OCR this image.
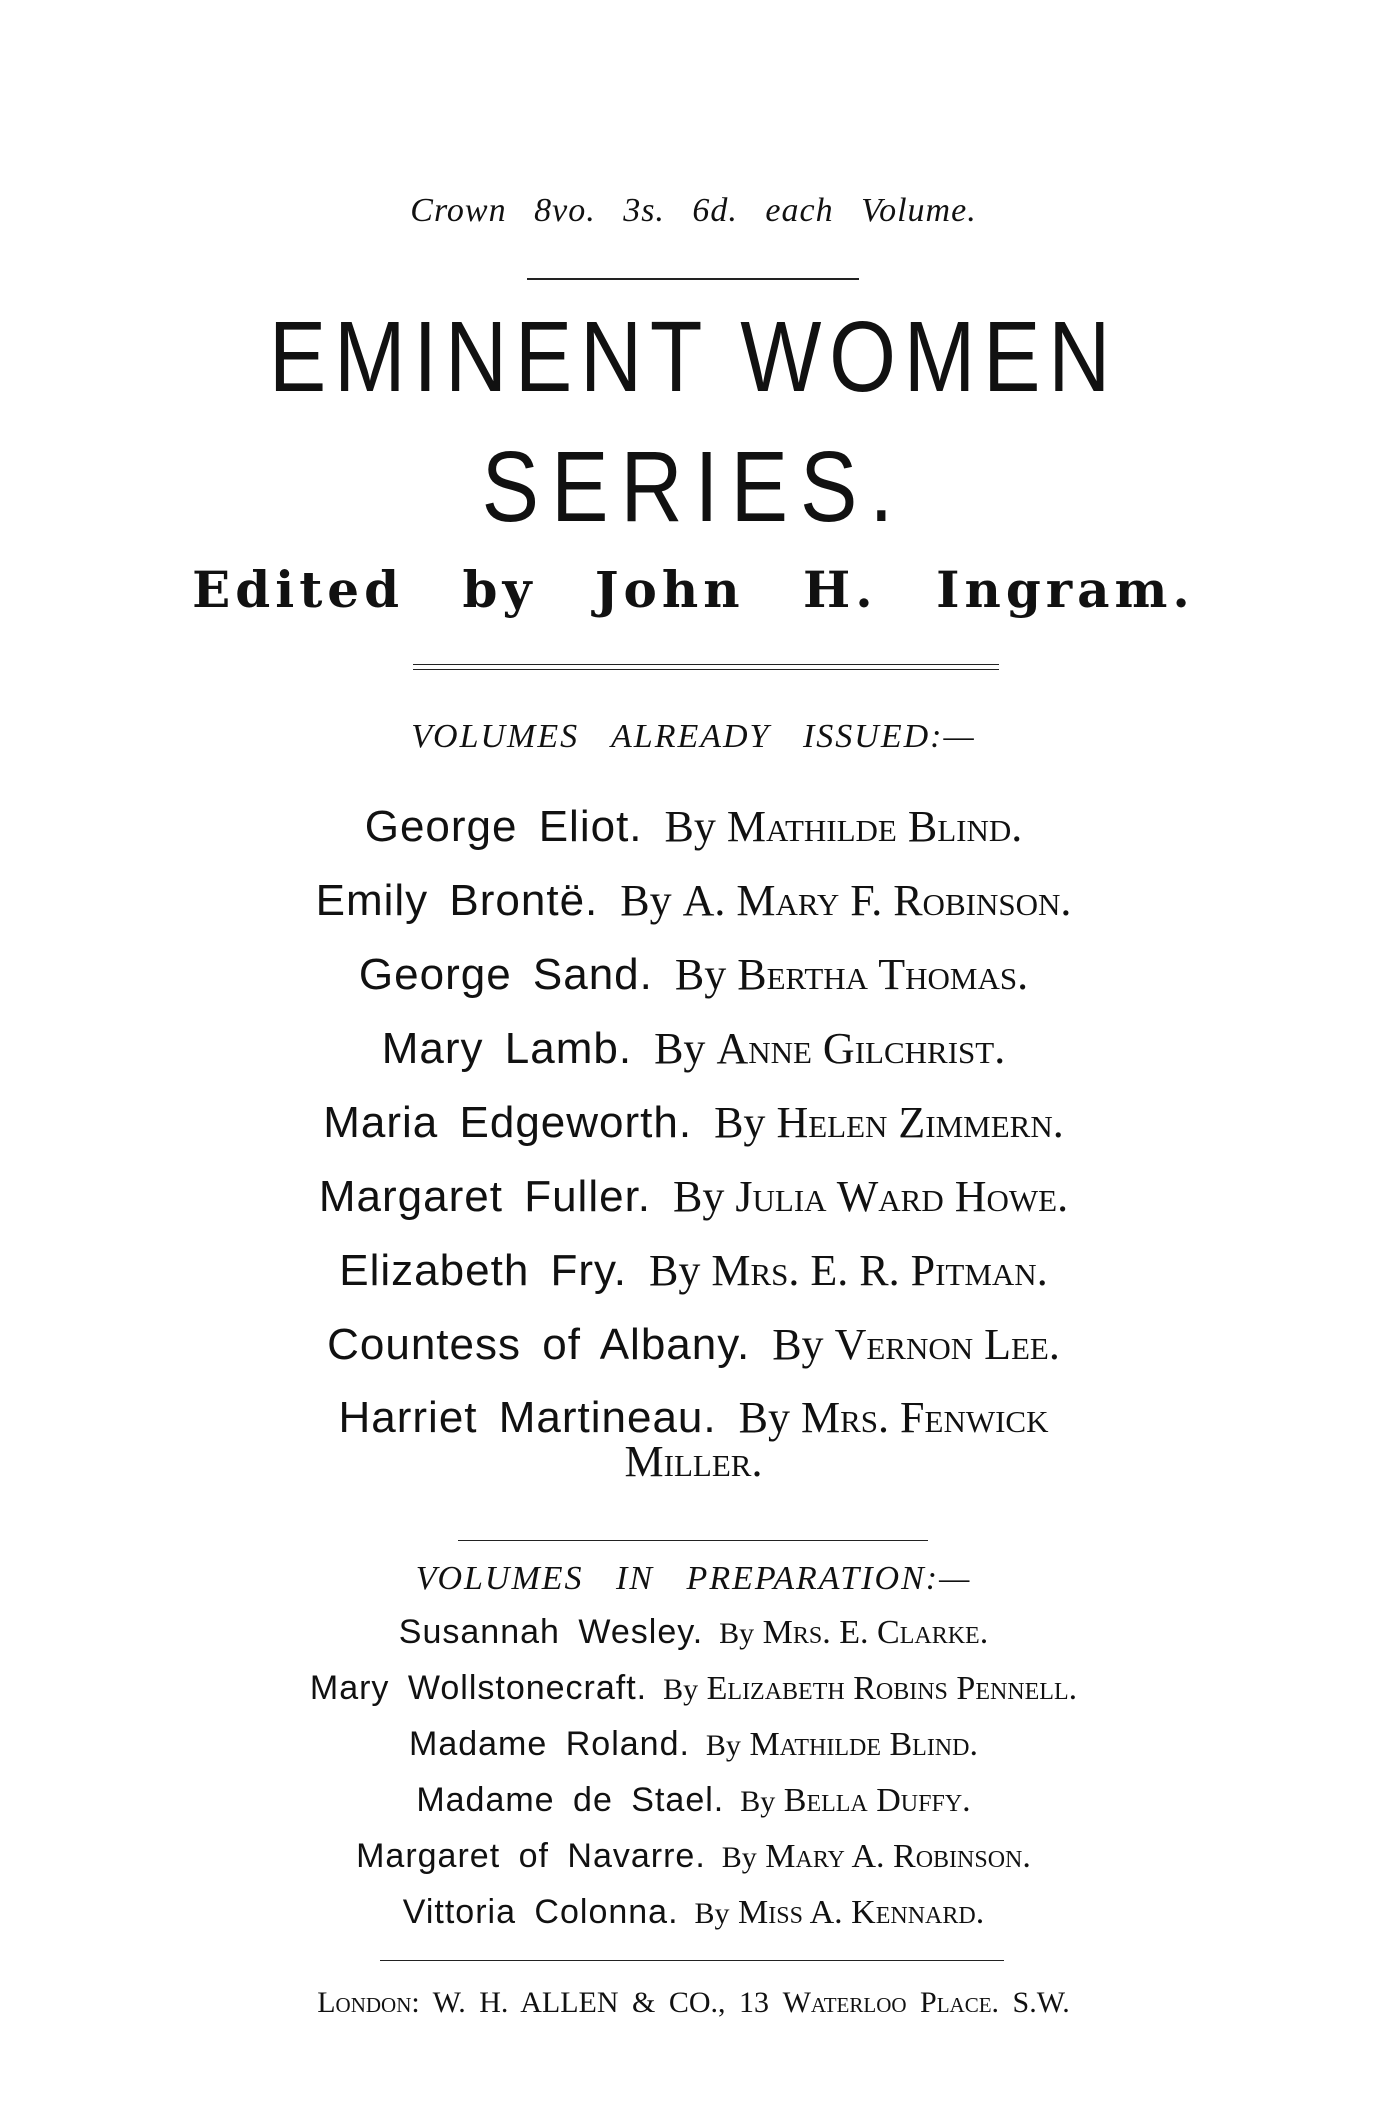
Crown 8vo. 3s. 6d. each Volume.
EMINENT WOMEN
SERIES.
Edited by John H. Ingram.
VOLUMES ALREADY ISSUED:—
George Eliot. By Mathilde Blind.
Emily Brontë. By A. Mary F. Robinson.
George Sand. By Bertha Thomas.
Mary Lamb. By Anne Gilchrist.
Maria Edgeworth. By Helen Zimmern.
Margaret Fuller. By Julia Ward Howe.
Elizabeth Fry. By Mrs. E. R. Pitman.
Countess of Albany. By Vernon Lee.
Harriet Martineau. By Mrs. Fenwick
Miller.
VOLUMES IN PREPARATION:—
Susannah Wesley. By Mrs. E. Clarke.
Mary Wollstonecraft. By Elizabeth Robins Pennell.
Madame Roland. By Mathilde Blind.
Madame de Stael. By Bella Duffy.
Margaret of Navarre. By Mary A. Robinson.
Vittoria Colonna. By Miss A. Kennard.
London: W. H. ALLEN & CO., 13 Waterloo Place. S.W.
